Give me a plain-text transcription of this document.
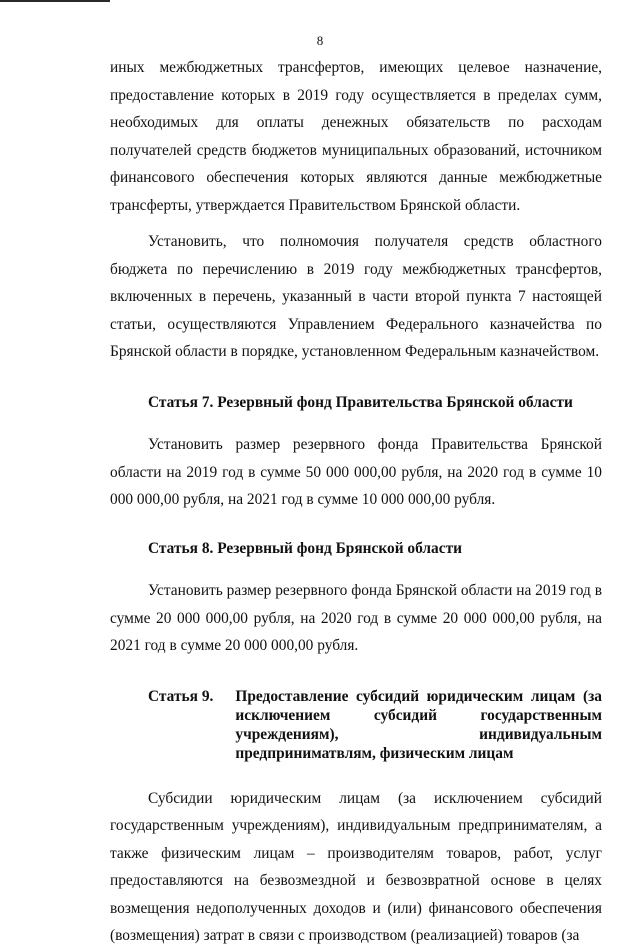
8

иных межбюджетных трансфертов, имеющих целевое назначение, предоставление которых в 2019 году осуществляется в пределах сумм, необходимых для оплаты денежных обязательств по расходам получателей средств бюджетов муниципальных образований, источником финансового обеспечения которых являются данные межбюджетные трансферты, утверждается Правительством Брянской области.

Установить, что полномочия получателя средств областного бюджета по перечислению в 2019 году межбюджетных трансфертов, включенных в перечень, указанный в части второй пункта 7 настоящей статьи, осуществляются Управлением Федерального казначейства по Брянской области в порядке, установленном Федеральным казначейством.

Статья 7. Резервный фонд Правительства Брянской области

Установить размер резервного фонда Правительства Брянской области на 2019 год в сумме 50 000 000,00 рубля, на 2020 год в сумме 10 000 000,00 рубля, на 2021 год в сумме 10 000 000,00 рубля.

Статья 8. Резервный фонд Брянской области

Установить размер резервного фонда Брянской области на 2019 год в сумме 20 000 000,00 рубля, на 2020 год в сумме 20 000 000,00 рубля, на 2021 год в сумме 20 000 000,00 рубля.

Статья 9. Предоставление субсидий юридическим лицам (за исключением субсидий государственным учреждениям), индивидуальным предприниматвлям, физическим лицам

Субсидии юридическим лицам (за исключением субсидий государственным учреждениям), индивидуальным предпринимателям, а также физическим лицам – производителям товаров, работ, услуг предоставляются на безвозмездной и безвозвратной основе в целях возмещения недополученных доходов и (или) финансового обеспечения (возмещения) затрат в связи с производством (реализацией) товаров (за
